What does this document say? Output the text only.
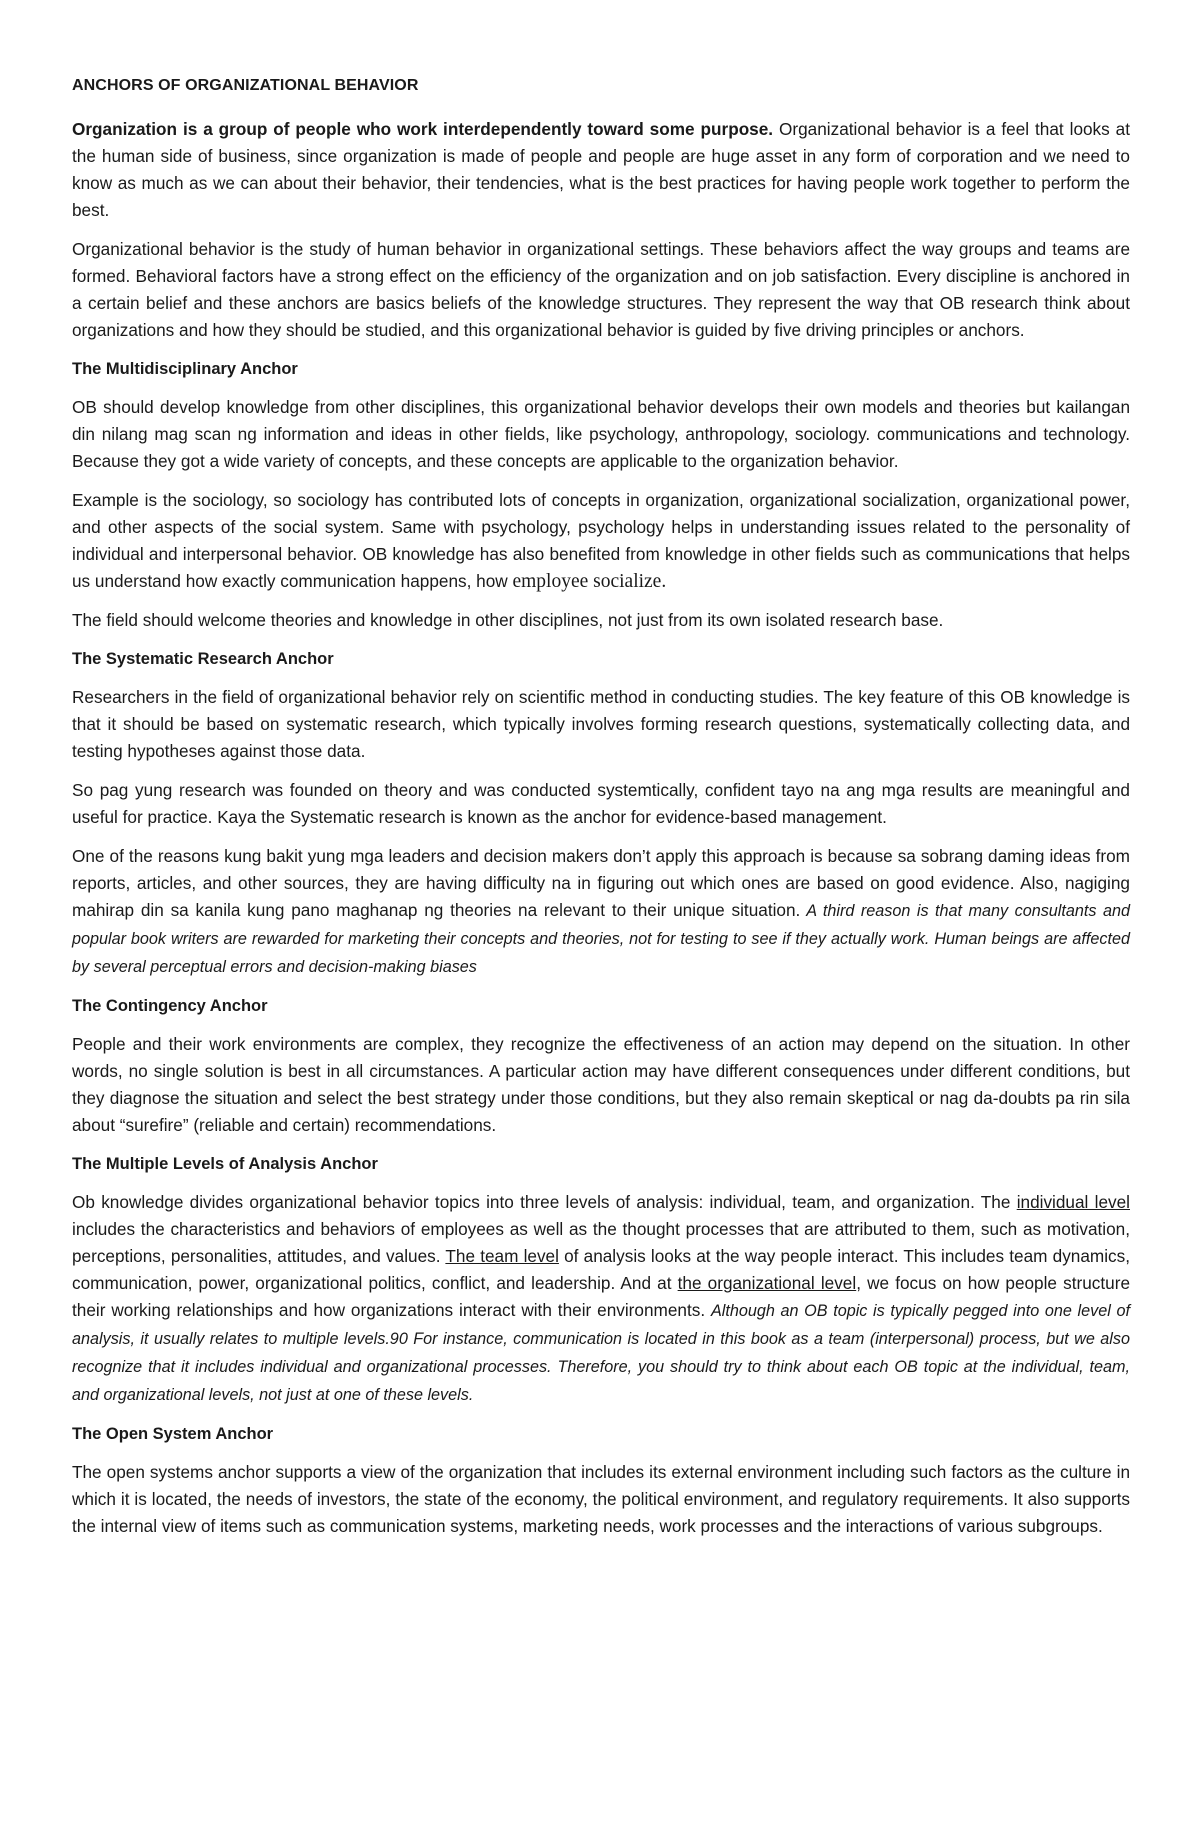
ANCHORS OF ORGANIZATIONAL BEHAVIOR

Organization is a group of people who work interdependently toward some purpose. Organizational behavior is a feel that looks at the human side of business, since organization is made of people and people are huge asset in any form of corporation and we need to know as much as we can about their behavior, their tendencies, what is the best practices for having people work together to perform the best.

Organizational behavior is the study of human behavior in organizational settings. These behaviors affect the way groups and teams are formed. Behavioral factors have a strong effect on the efficiency of the organization and on job satisfaction. Every discipline is anchored in a certain belief and these anchors are basics beliefs of the knowledge structures. They represent the way that OB research think about organizations and how they should be studied, and this organizational behavior is guided by five driving principles or anchors.

The Multidisciplinary Anchor

OB should develop knowledge from other disciplines, this organizational behavior develops their own models and theories but kailangan din nilang mag scan ng information and ideas in other fields, like psychology, anthropology, sociology. communications and technology. Because they got a wide variety of concepts, and these concepts are applicable to the organization behavior.

Example is the sociology, so sociology has contributed lots of concepts in organization, organizational socialization, organizational power, and other aspects of the social system. Same with psychology, psychology helps in understanding issues related to the personality of individual and interpersonal behavior. OB knowledge has also benefited from knowledge in other fields such as communications that helps us understand how exactly communication happens, how employee socialize.

The field should welcome theories and knowledge in other disciplines, not just from its own isolated research base.

The Systematic Research Anchor

Researchers in the field of organizational behavior rely on scientific method in conducting studies. The key feature of this OB knowledge is that it should be based on systematic research, which typically involves forming research questions, systematically collecting data, and testing hypotheses against those data.

So pag yung research was founded on theory and was conducted systemtically, confident tayo na ang mga results are meaningful and useful for practice. Kaya the Systematic research is known as the anchor for evidence-based management.

One of the reasons kung bakit yung mga leaders and decision makers don’t apply this approach is because sa sobrang daming ideas from reports, articles, and other sources, they are having difficulty na in figuring out which ones are based on good evidence. Also, nagiging mahirap din sa kanila kung pano maghanap ng theories na relevant to their unique situation. A third reason is that many consultants and popular book writers are rewarded for marketing their concepts and theories, not for testing to see if they actually work. Human beings are affected by several perceptual errors and decision-making biases

The Contingency Anchor

People and their work environments are complex, they recognize the effectiveness of an action may depend on the situation. In other words, no single solution is best in all circumstances. A particular action may have different consequences under different conditions, but they diagnose the situation and select the best strategy under those conditions, but they also remain skeptical or nag da-doubts pa rin sila about “surefire” (reliable and certain) recommendations.

The Multiple Levels of Analysis Anchor

Ob knowledge divides organizational behavior topics into three levels of analysis: individual, team, and organization. The individual level includes the characteristics and behaviors of employees as well as the thought processes that are attributed to them, such as motivation, perceptions, personalities, attitudes, and values. The team level of analysis looks at the way people interact. This includes team dynamics, communication, power, organizational politics, conflict, and leadership. And at the organizational level, we focus on how people structure their working relationships and how organizations interact with their environments. Although an OB topic is typically pegged into one level of analysis, it usually relates to multiple levels.90 For instance, communication is located in this book as a team (interpersonal) process, but we also recognize that it includes individual and organizational processes. Therefore, you should try to think about each OB topic at the individual, team, and organizational levels, not just at one of these levels.

The Open System Anchor

The open systems anchor supports a view of the organization that includes its external environment including such factors as the culture in which it is located, the needs of investors, the state of the economy, the political environment, and regulatory requirements. It also supports the internal view of items such as communication systems, marketing needs, work processes and the interactions of various subgroups.
